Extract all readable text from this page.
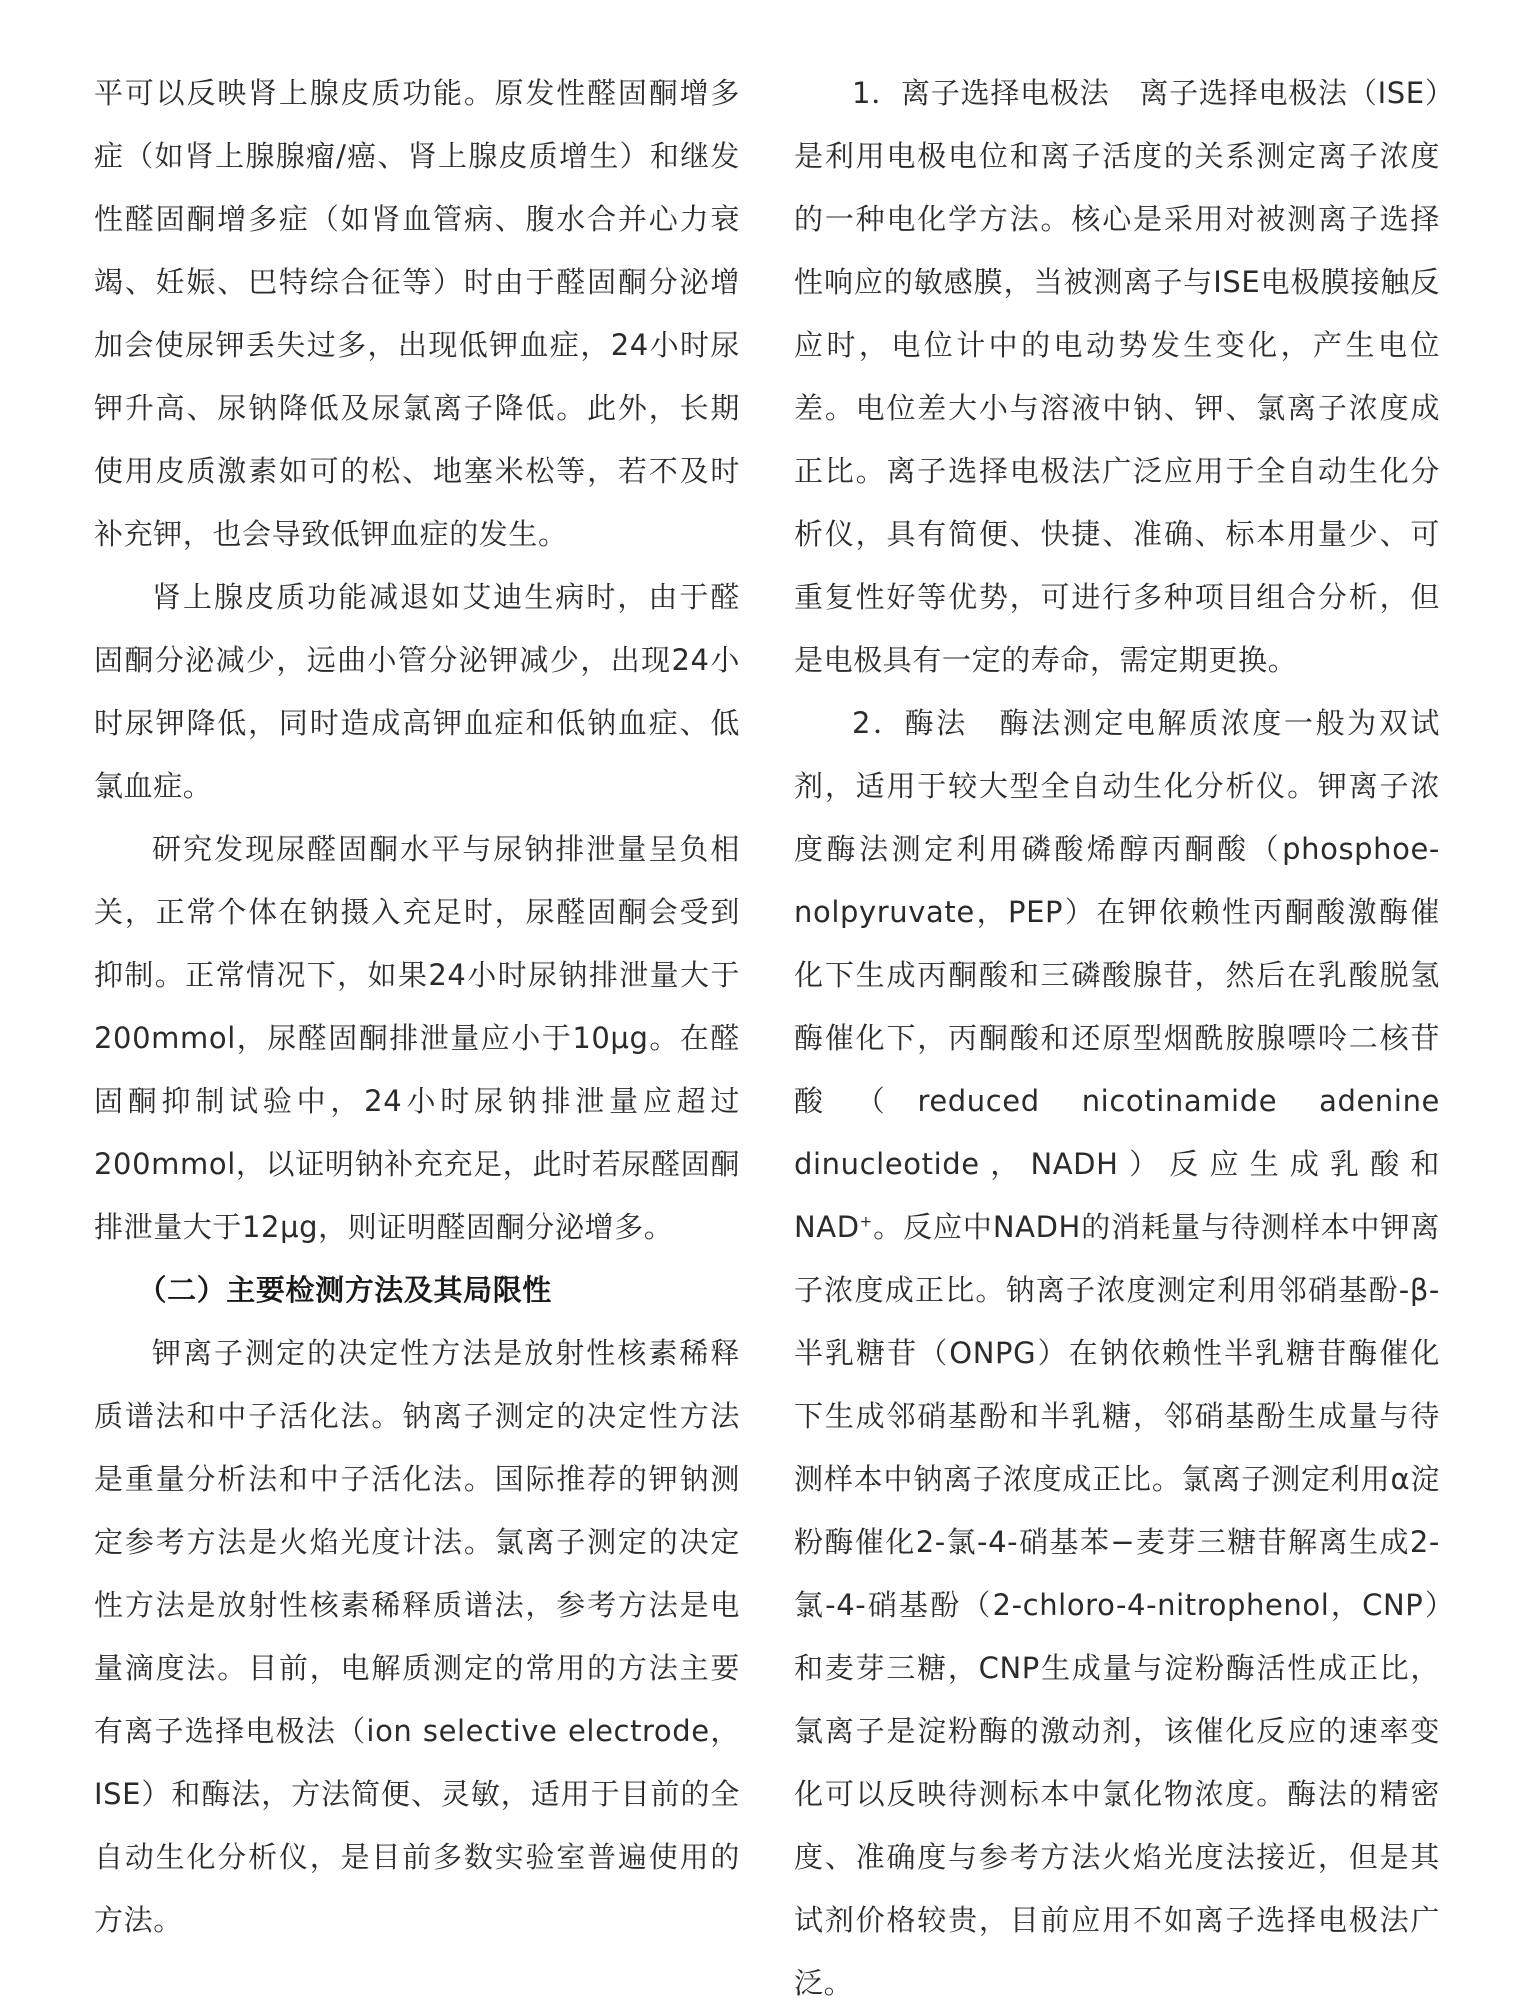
平可以反映肾上腺皮质功能。原发性醛固酮增多症（如肾上腺腺瘤/癌、肾上腺皮质增生）和继发性醛固酮增多症（如肾血管病、腹水合并心力衰竭、妊娠、巴特综合征等）时由于醛固酮分泌增加会使尿钾丢失过多，出现低钾血症，24小时尿钾升高、尿钠降低及尿氯离子降低。此外，长期使用皮质激素如可的松、地塞米松等，若不及时补充钾，也会导致低钾血症的发生。

肾上腺皮质功能减退如艾迪生病时，由于醛固酮分泌减少，远曲小管分泌钾减少，出现24小时尿钾降低，同时造成高钾血症和低钠血症、低氯血症。

研究发现尿醛固酮水平与尿钠排泄量呈负相关，正常个体在钠摄入充足时，尿醛固酮会受到抑制。正常情况下，如果24小时尿钠排泄量大于200mmol，尿醛固酮排泄量应小于10μg。在醛固酮抑制试验中，24小时尿钠排泄量应超过200mmol，以证明钠补充充足，此时若尿醛固酮排泄量大于12μg，则证明醛固酮分泌增多。

（二）主要检测方法及其局限性

钾离子测定的决定性方法是放射性核素稀释质谱法和中子活化法。钠离子测定的决定性方法是重量分析法和中子活化法。国际推荐的钾钠测定参考方法是火焰光度计法。氯离子测定的决定性方法是放射性核素稀释质谱法，参考方法是电量滴度法。目前，电解质测定的常用的方法主要有离子选择电极法（ion selective electrode，ISE）和酶法，方法简便、灵敏，适用于目前的全自动生化分析仪，是目前多数实验室普遍使用的方法。

1．离子选择电极法　离子选择电极法（ISE）是利用电极电位和离子活度的关系测定离子浓度的一种电化学方法。核心是采用对被测离子选择性响应的敏感膜，当被测离子与ISE电极膜接触反应时，电位计中的电动势发生变化，产生电位差。电位差大小与溶液中钠、钾、氯离子浓度成正比。离子选择电极法广泛应用于全自动生化分析仪，具有简便、快捷、准确、标本用量少、可重复性好等优势，可进行多种项目组合分析，但是电极具有一定的寿命，需定期更换。

2．酶法　酶法测定电解质浓度一般为双试剂，适用于较大型全自动生化分析仪。钾离子浓度酶法测定利用磷酸烯醇丙酮酸（phosphoe-nolpyruvate，PEP）在钾依赖性丙酮酸激酶催化下生成丙酮酸和三磷酸腺苷，然后在乳酸脱氢酶催化下，丙酮酸和还原型烟酰胺腺嘌呤二核苷酸（reduced nicotinamide adenine dinucleotide，NADH）反应生成乳酸和NAD+。反应中NADH的消耗量与待测样本中钾离子浓度成正比。钠离子浓度测定利用邻硝基酚-β-半乳糖苷（ONPG）在钠依赖性半乳糖苷酶催化下生成邻硝基酚和半乳糖，邻硝基酚生成量与待测样本中钠离子浓度成正比。氯离子测定利用α淀粉酶催化2-氯-4-硝基苯−麦芽三糖苷解离生成2-氯-4-硝基酚（2-chloro-4-nitrophenol，CNP）和麦芽三糖，CNP生成量与淀粉酶活性成正比，氯离子是淀粉酶的激动剂，该催化反应的速率变化可以反映待测标本中氯化物浓度。酶法的精密度、准确度与参考方法火焰光度法接近，但是其试剂价格较贵，目前应用不如离子选择电极法广泛。
